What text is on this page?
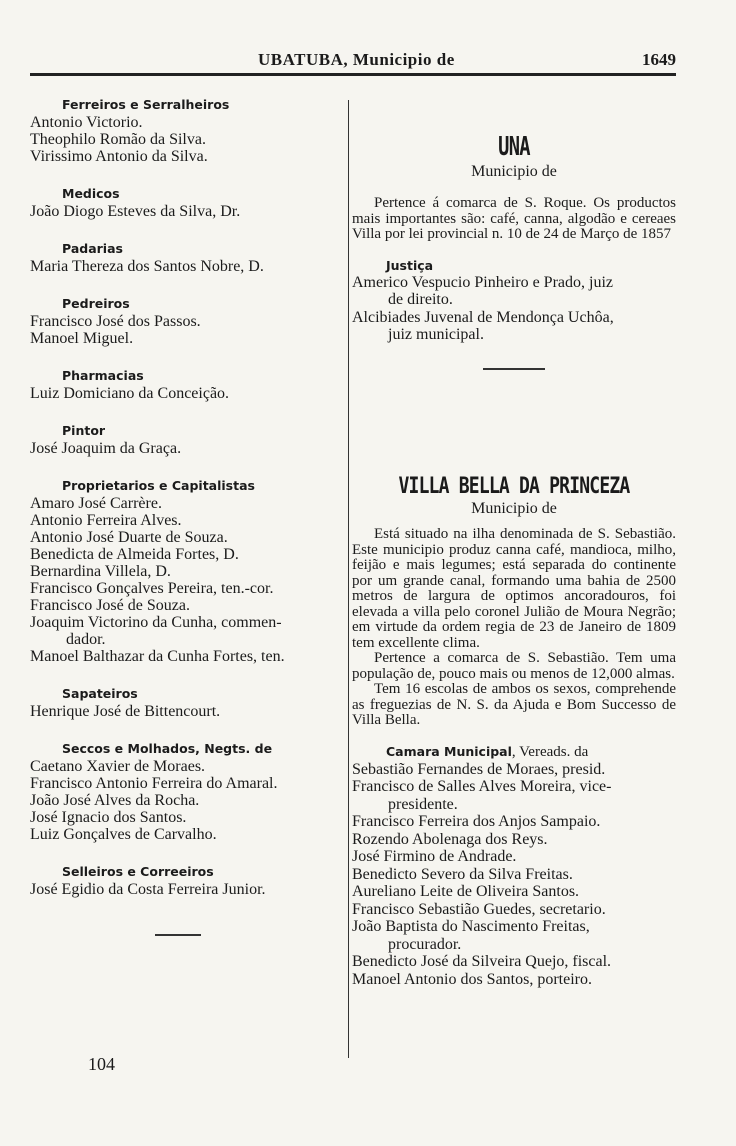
UBATUBA, Municipio de	1649
Ferreiros e Serralheiros
Antonio Victorio.
Theophilo Romão da Silva.
Virissimo Antonio da Silva.
Medicos
João Diogo Esteves da Silva, Dr.
Padarias
Maria Thereza dos Santos Nobre, D.
Pedreiros
Francisco José dos Passos.
Manoel Miguel.
Pharmacias
Luiz Domiciano da Conceição.
Pintor
José Joaquim da Graça.
Proprietarios e Capitalistas
Amaro José Carrère.
Antonio Ferreira Alves.
Antonio José Duarte de Souza.
Benedicta de Almeida Fortes, D.
Bernardina Villela, D.
Francisco Gonçalves Pereira, ten.-cor.
Francisco José de Souza.
Joaquim Victorino da Cunha, commen-
dador.
Manoel Balthazar da Cunha Fortes, ten.
Sapateiros
Henrique José de Bittencourt.
Seccos e Molhados, Negts. de
Caetano Xavier de Moraes.
Francisco Antonio Ferreira do Amaral.
João José Alves da Rocha.
José Ignacio dos Santos.
Luiz Gonçalves de Carvalho.
Selleiros e Correeiros
José Egidio da Costa Ferreira Junior.
104
UNA
Municipio de
Pertence á comarca de S. Roque. Os productos mais importantes são: café, canna, algodão e cereaes Villa por lei provincial n. 10 de 24 de Março de 1857
Justiça
Americo Vespucio Pinheiro e Prado, juiz
de direito.
Alcibiades Juvenal de Mendonça Uchôa,
juiz municipal.
VILLA BELLA DA PRINCEZA
Municipio de
Está situado na ilha denominada de S. Sebastião. Este municipio produz canna café, mandioca, milho, feijão e mais legumes; está separada do continente por um grande canal, formando uma bahia de 2500 metros de largura de optimos ancoradouros, foi elevada a villa pelo coronel Julião de Moura Negrão; em virtude da ordem regia de 23 de Janeiro de 1809 tem excellente clima.
Pertence a comarca de S. Sebastião. Tem uma população de, pouco mais ou menos de 12,000 almas.
Tem 16 escolas de ambos os sexos, comprehende as freguezias de N. S. da Ajuda e Bom Successo de Villa Bella.
Camara Municipal, Vereads. da
Sebastião Fernandes de Moraes, presid.
Francisco de Salles Alves Moreira, vice-
presidente.
Francisco Ferreira dos Anjos Sampaio.
Rozendo Abolenaga dos Reys.
José Firmino de Andrade.
Benedicto Severo da Silva Freitas.
Aureliano Leite de Oliveira Santos.
Francisco Sebastião Guedes, secretario.
João Baptista do Nascimento Freitas,
procurador.
Benedicto José da Silveira Quejo, fiscal.
Manoel Antonio dos Santos, porteiro.
